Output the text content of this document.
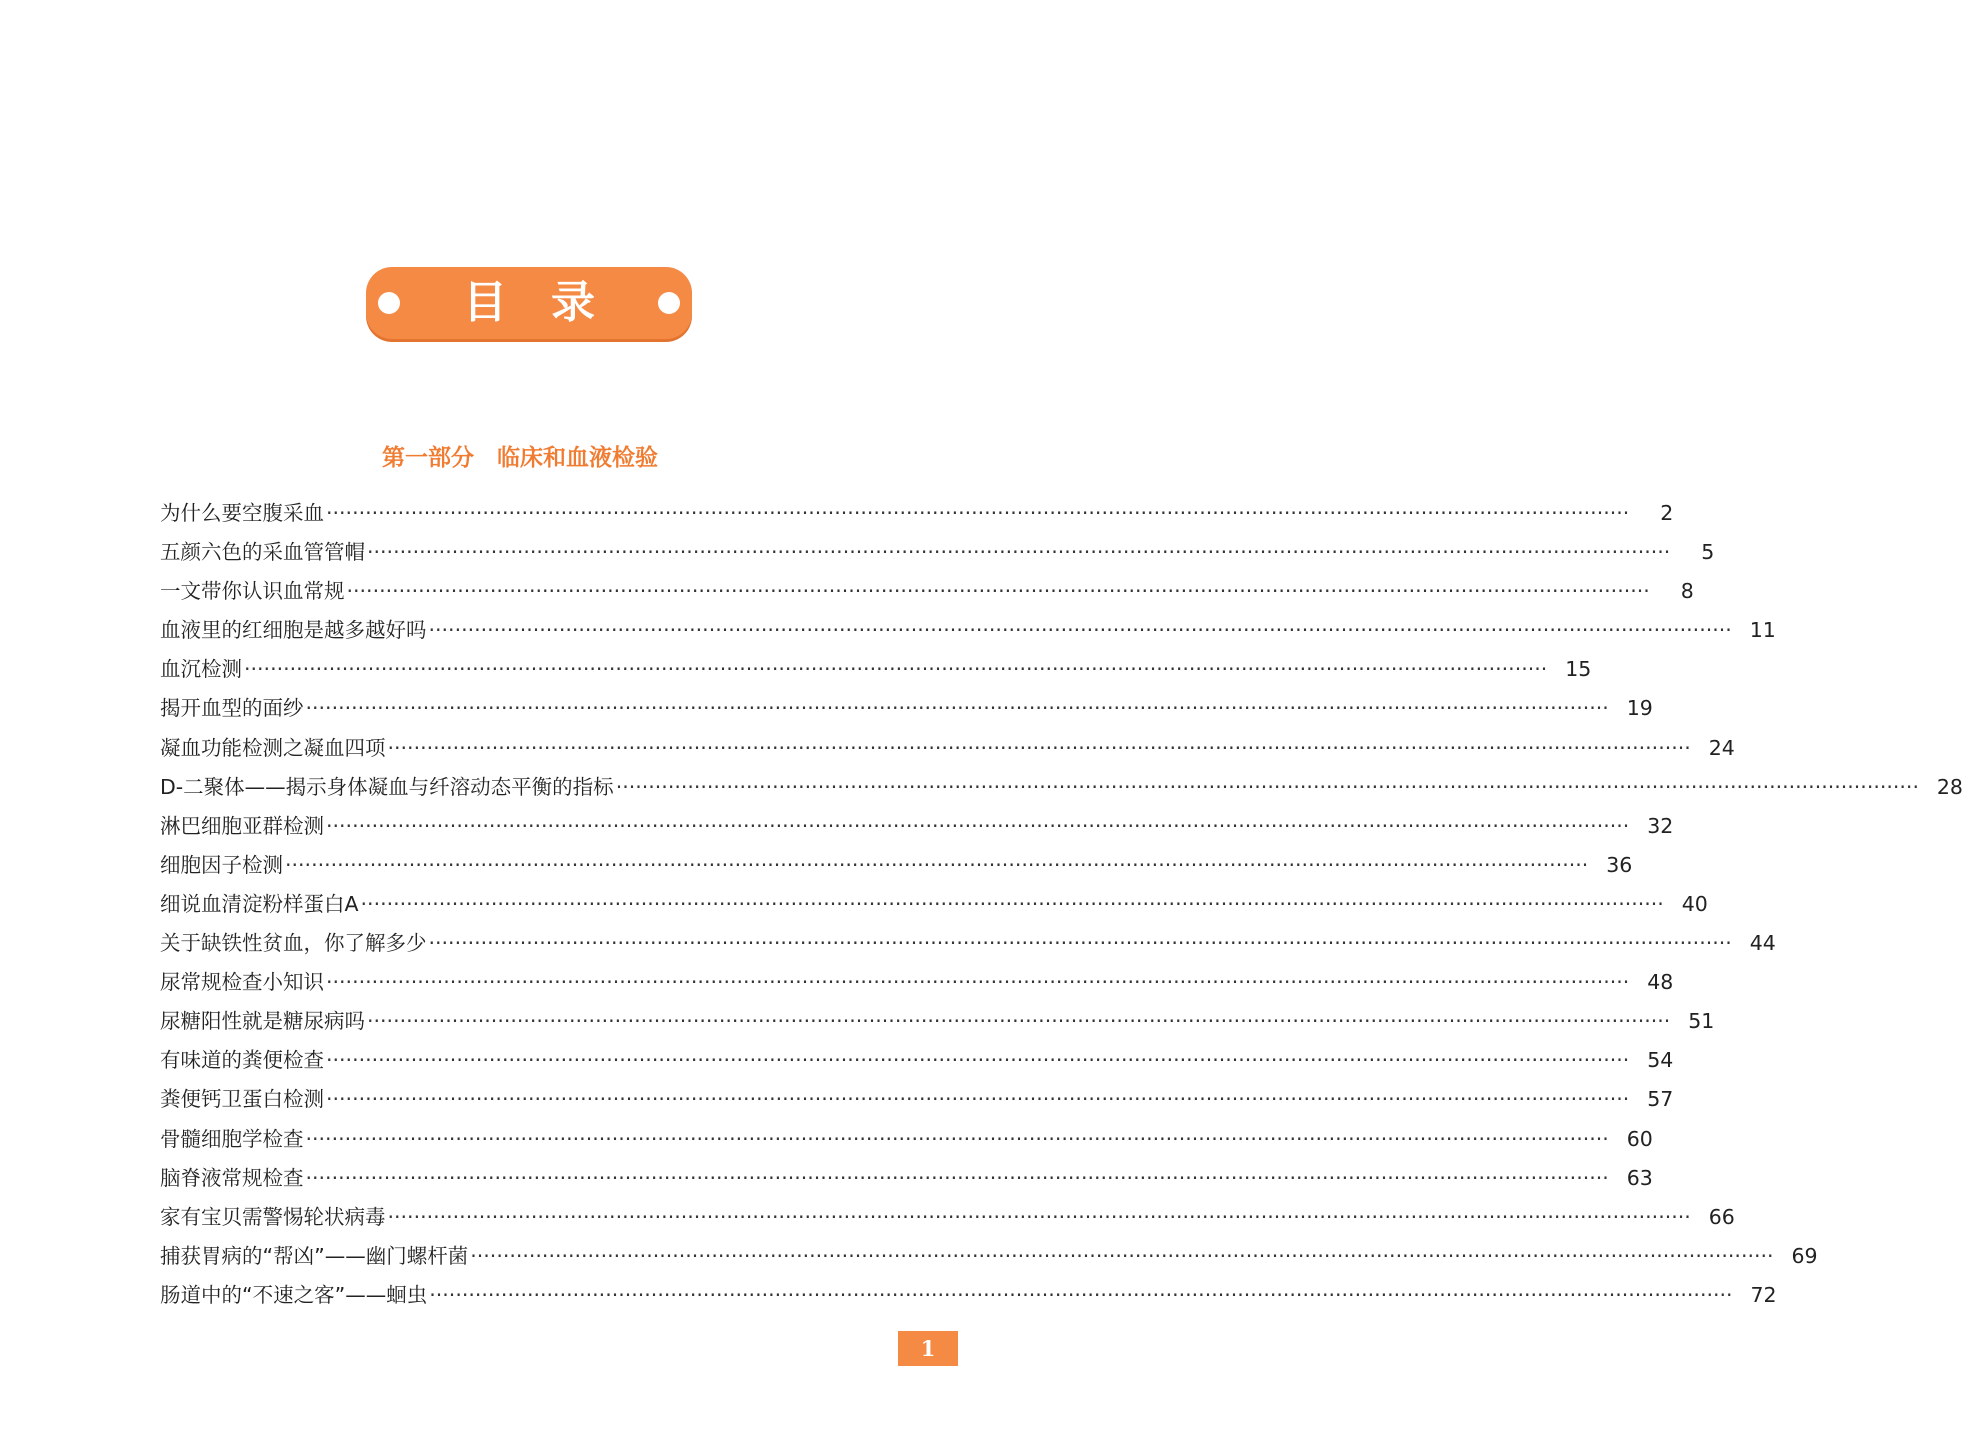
目录
第一部分　临床和血液检验
为什么要空腹采血 ········································································································································································································	2
五颜六色的采血管管帽 ········································································································································································································	5
一文带你认识血常规 ········································································································································································································	8
血液里的红细胞是越多越好吗 ········································································································································································································ 11
血沉检测 ········································································································································································································ 15
揭开血型的面纱 ········································································································································································································ 19
凝血功能检测之凝血四项 ········································································································································································································ 24
D-二聚体——揭示身体凝血与纤溶动态平衡的指标 ········································································································································································································ 28
淋巴细胞亚群检测 ········································································································································································································ 32
细胞因子检测 ········································································································································································································ 36
细说血清淀粉样蛋白A ········································································································································································································ 40
关于缺铁性贫血，你了解多少 ········································································································································································································ 44
尿常规检查小知识 ········································································································································································································ 48
尿糖阳性就是糖尿病吗 ········································································································································································································ 51
有味道的粪便检查 ········································································································································································································ 54
粪便钙卫蛋白检测 ········································································································································································································ 57
骨髓细胞学检查 ········································································································································································································ 60
脑脊液常规检查 ········································································································································································································ 63
家有宝贝需警惕轮状病毒 ········································································································································································································ 66
捕获胃病的“帮凶”——幽门螺杆菌 ········································································································································································································ 69
肠道中的“不速之客”——蛔虫 ········································································································································································································ 72
1
